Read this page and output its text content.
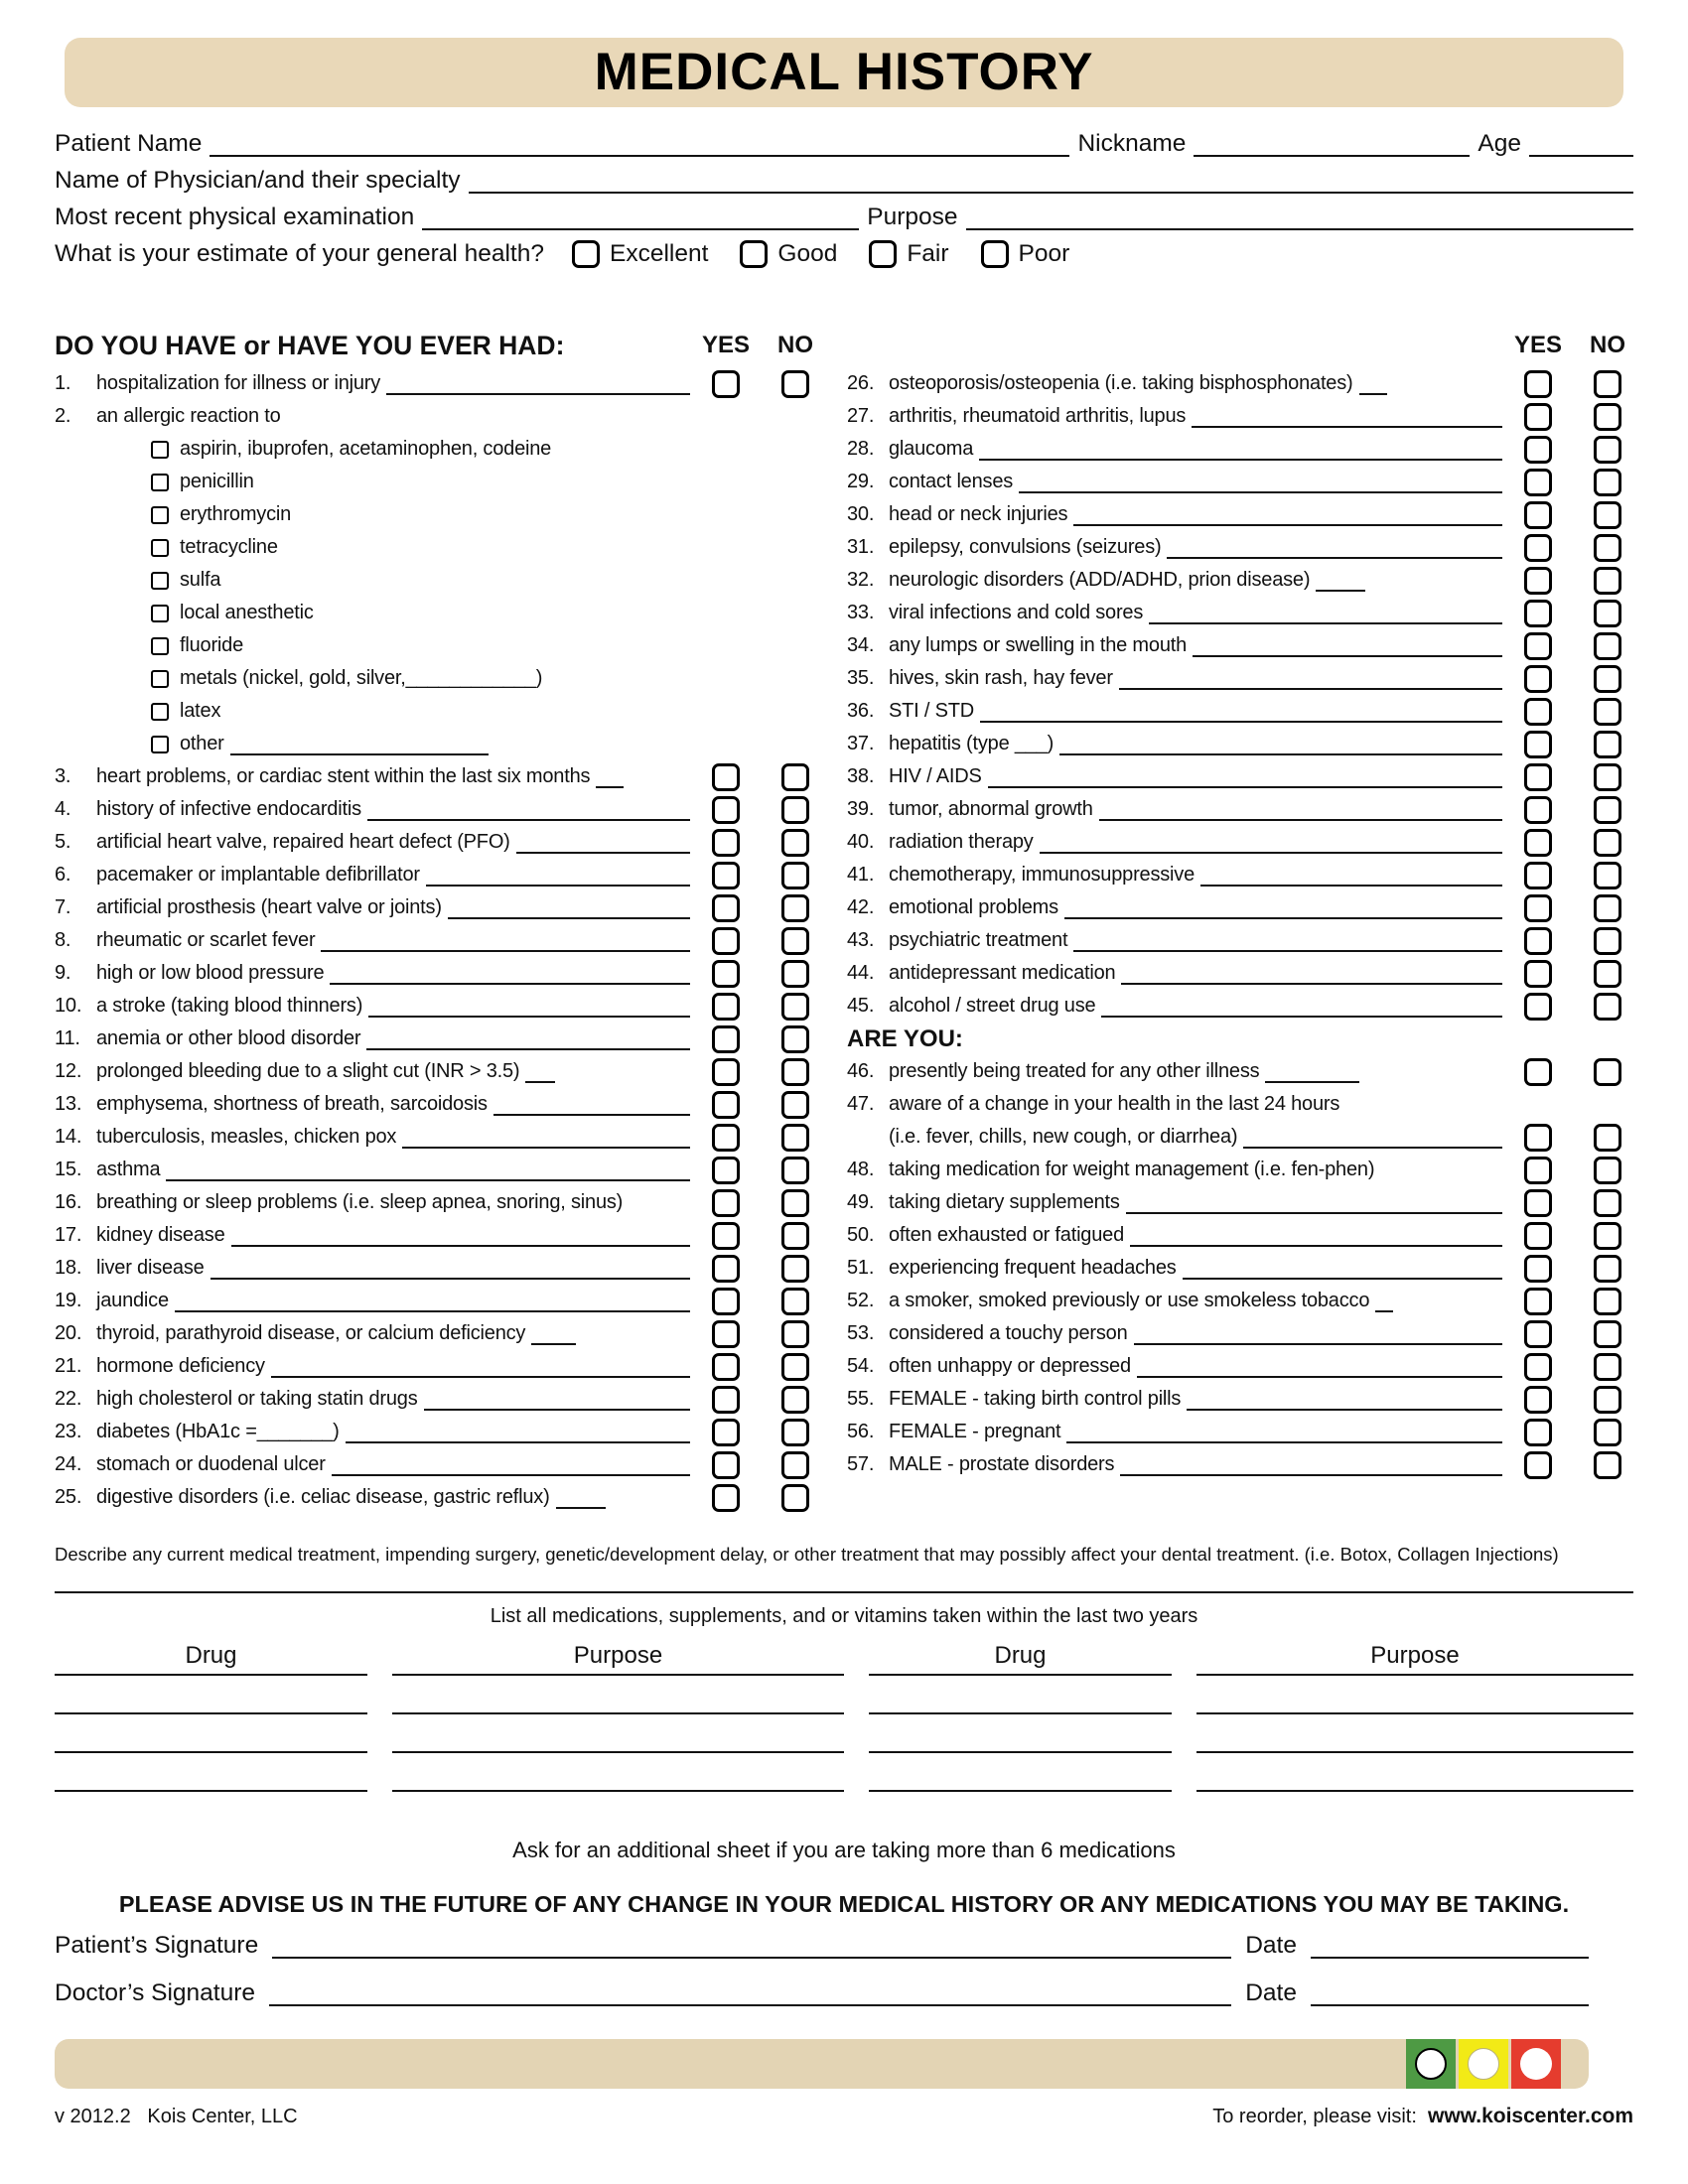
MEDICAL HISTORY
Patient Name	Nickname	Age
Name of Physician/and their specialty
Most recent physical examination	Purpose
What is your estimate of your general health?	Excellent	Good	Fair	Poor
DO YOU HAVE or HAVE YOU EVER HAD:	YES	NO
1.	hospitalization for illness or injury
2.	an allergic reaction to
aspirin, ibuprofen, acetaminophen, codeine
penicillin
erythromycin
tetracycline
sulfa
local anesthetic
fluoride
metals (nickel, gold, silver,____________)
latex
other
3.	heart problems, or cardiac stent within the last six months
4.	history of infective endocarditis
5.	artificial heart valve, repaired heart defect (PFO)
6.	pacemaker or implantable defibrillator
7.	artificial prosthesis (heart valve or joints)
8.	rheumatic or scarlet fever
9.	high or low blood pressure
10. a stroke (taking blood thinners)
11. anemia or other blood disorder
12. prolonged bleeding due to a slight cut (INR > 3.5)
13. emphysema, shortness of breath, sarcoidosis
14. tuberculosis, measles, chicken pox
15. asthma
16. breathing or sleep problems (i.e. sleep apnea, snoring, sinus)
17. kidney disease
18. liver disease
19. jaundice
20. thyroid, parathyroid disease, or calcium deficiency
21. hormone deficiency
22. high cholesterol or taking statin drugs
23. diabetes (HbA1c =_______)
24. stomach or duodenal ulcer
25. digestive disorders (i.e. celiac disease, gastric reflux)
YES	NO
26. osteoporosis/osteopenia (i.e. taking bisphosphonates)
27. arthritis, rheumatoid arthritis, lupus
28. glaucoma
29. contact lenses
30. head or neck injuries
31. epilepsy, convulsions (seizures)
32. neurologic disorders (ADD/ADHD, prion disease)
33. viral infections and cold sores
34. any lumps or swelling in the mouth
35. hives, skin rash, hay fever
36. STI / STD
37. hepatitis (type ___)
38. HIV / AIDS
39. tumor, abnormal growth
40. radiation therapy
41. chemotherapy, immunosuppressive
42. emotional problems
43. psychiatric treatment
44. antidepressant medication
45. alcohol / street drug use
ARE YOU:
46. presently being treated for any other illness
47. aware of a change in your health in the last 24 hours
(i.e. fever, chills, new cough, or diarrhea)
48. taking medication for weight management (i.e. fen-phen)
49. taking dietary supplements
50. often exhausted or fatigued
51. experiencing frequent headaches
52. a smoker, smoked previously or use smokeless tobacco
53. considered a touchy person
54. often unhappy or depressed
55. FEMALE - taking birth control pills
56. FEMALE - pregnant
57. MALE - prostate disorders
Describe any current medical treatment, impending surgery, genetic/development delay, or other treatment that may possibly affect your dental treatment. (i.e. Botox, Collagen Injections)
List all medications, supplements, and or vitamins taken within the last two years
Drug	Purpose	Drug	Purpose
Ask for an additional sheet if you are taking more than 6 medications
PLEASE ADVISE US IN THE FUTURE OF ANY CHANGE IN YOUR MEDICAL HISTORY OR ANY MEDICATIONS YOU MAY BE TAKING.
Patient’s Signature	Date
Doctor’s Signature	Date
v 2012.2 Kois Center, LLC	To reorder, please visit: www.koiscenter.com
